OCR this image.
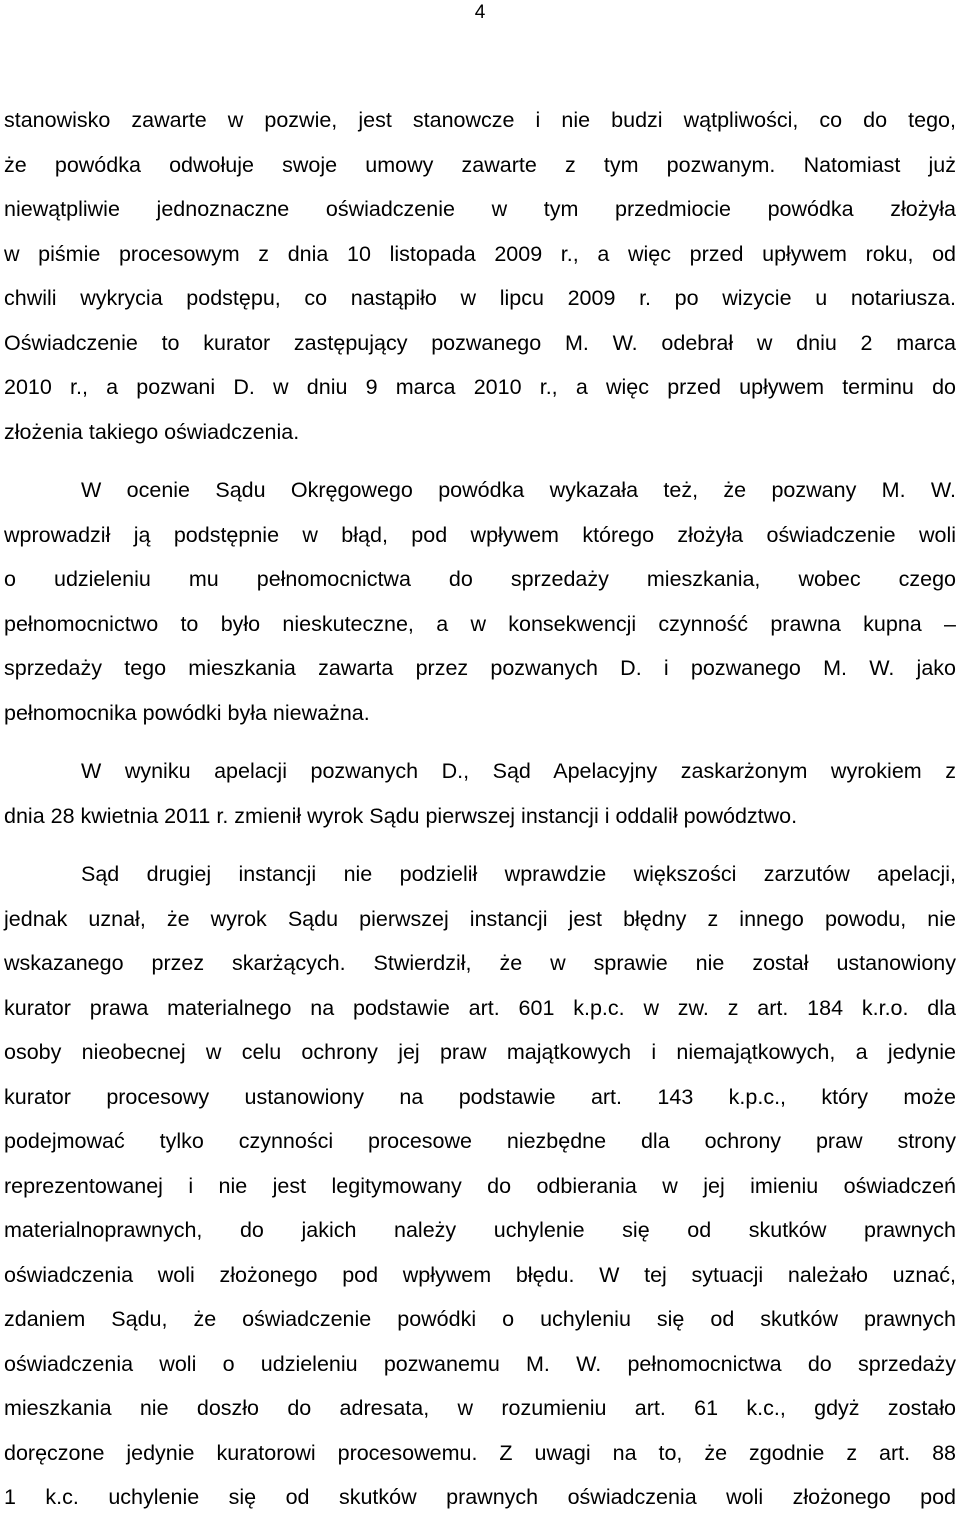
4
stanowisko zawarte w pozwie, jest stanowcze i nie budzi wątpliwości, co do tego,
że powódka odwołuje swoje umowy zawarte z tym pozwanym. Natomiast już
niewątpliwie jednoznaczne oświadczenie w tym przedmiocie powódka złożyła
w piśmie procesowym z dnia 10 listopada 2009 r., a więc przed upływem roku, od
chwili wykrycia podstępu, co nastąpiło w lipcu 2009 r. po wizycie u notariusza.
Oświadczenie to kurator zastępujący pozwanego M. W. odebrał w dniu 2 marca
2010 r., a pozwani D. w dniu 9 marca 2010 r., a więc przed upływem terminu do
złożenia takiego oświadczenia.
W ocenie Sądu Okręgowego powódka wykazała też, że pozwany M. W.
wprowadził ją podstępnie w błąd, pod wpływem którego złożyła oświadczenie woli
o udzieleniu mu pełnomocnictwa do sprzedaży mieszkania, wobec czego
pełnomocnictwo to było nieskuteczne, a w konsekwencji czynność prawna kupna –
sprzedaży tego mieszkania zawarta przez pozwanych D. i pozwanego M. W. jako
pełnomocnika powódki była nieważna.
W wyniku apelacji pozwanych D., Sąd Apelacyjny zaskarżonym wyrokiem z
dnia 28 kwietnia 2011 r. zmienił wyrok Sądu pierwszej instancji i oddalił powództwo.
Sąd drugiej instancji nie podzielił wprawdzie większości zarzutów apelacji,
jednak uznał, że wyrok Sądu pierwszej instancji jest błędny z innego powodu, nie
wskazanego przez skarżących. Stwierdził, że w sprawie nie został ustanowiony
kurator prawa materialnego na podstawie art. 601 k.p.c. w zw. z art. 184 k.r.o. dla
osoby nieobecnej w celu ochrony jej praw majątkowych i niemajątkowych, a jedynie
kurator procesowy ustanowiony na podstawie art. 143 k.p.c., który może
podejmować tylko czynności procesowe niezbędne dla ochrony praw strony
reprezentowanej i nie jest legitymowany do odbierania w jej imieniu oświadczeń
materialnoprawnych, do jakich należy uchylenie się od skutków prawnych
oświadczenia woli złożonego pod wpływem błędu. W tej sytuacji należało uznać,
zdaniem Sądu, że oświadczenie powódki o uchyleniu się od skutków prawnych
oświadczenia woli o udzieleniu pozwanemu M. W. pełnomocnictwa do sprzedaży
mieszkania nie doszło do adresata, w rozumieniu art. 61 k.c., gdyż zostało
doręczone jedynie kuratorowi procesowemu. Z uwagi na to, że zgodnie z art. 88
1 k.c. uchylenie się od skutków prawnych oświadczenia woli złożonego pod
